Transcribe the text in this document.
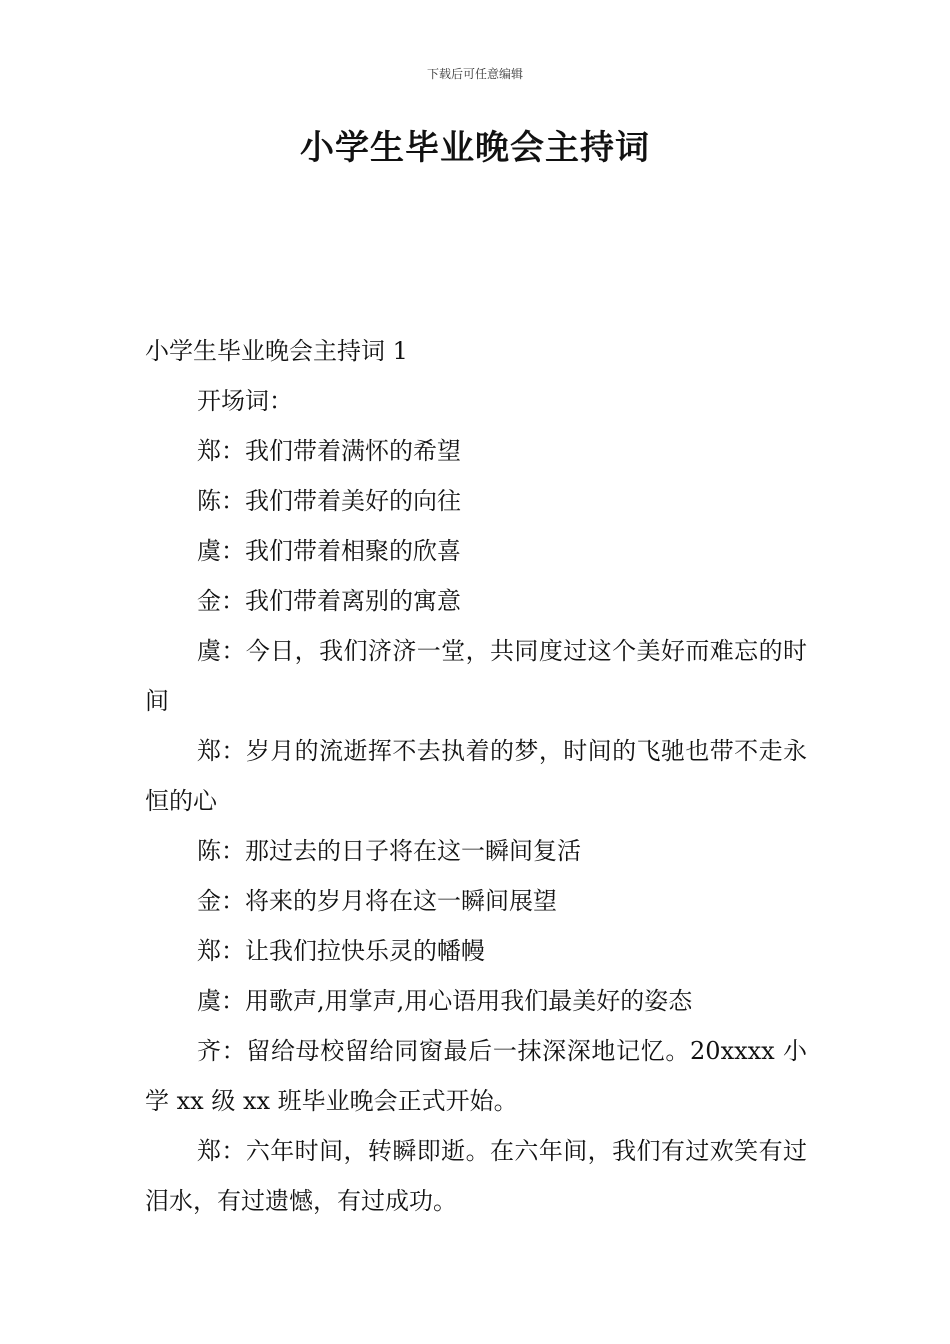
下载后可任意编辑
小学生毕业晚会主持词

小学生毕业晚会主持词 1

开场词：

郑：我们带着满怀的希望

陈：我们带着美好的向往

虞：我们带着相聚的欣喜

金：我们带着离别的寓意

虞：今日，我们济济一堂，共同度过这个美好而难忘的时间

郑：岁月的流逝挥不去执着的梦，时间的飞驰也带不走永恒的心

陈：那过去的日子将在这一瞬间复活

金：将来的岁月将在这一瞬间展望

郑：让我们拉快乐灵的幡幔

虞：用歌声,用掌声,用心语用我们最美好的姿态

齐：留给母校留给同窗最后一抹深深地记忆。20xxxx 小学 xx 级 xx 班毕业晚会正式开始。

郑：六年时间，转瞬即逝。在六年间，我们有过欢笑有过泪水，有过遗憾，有过成功。
